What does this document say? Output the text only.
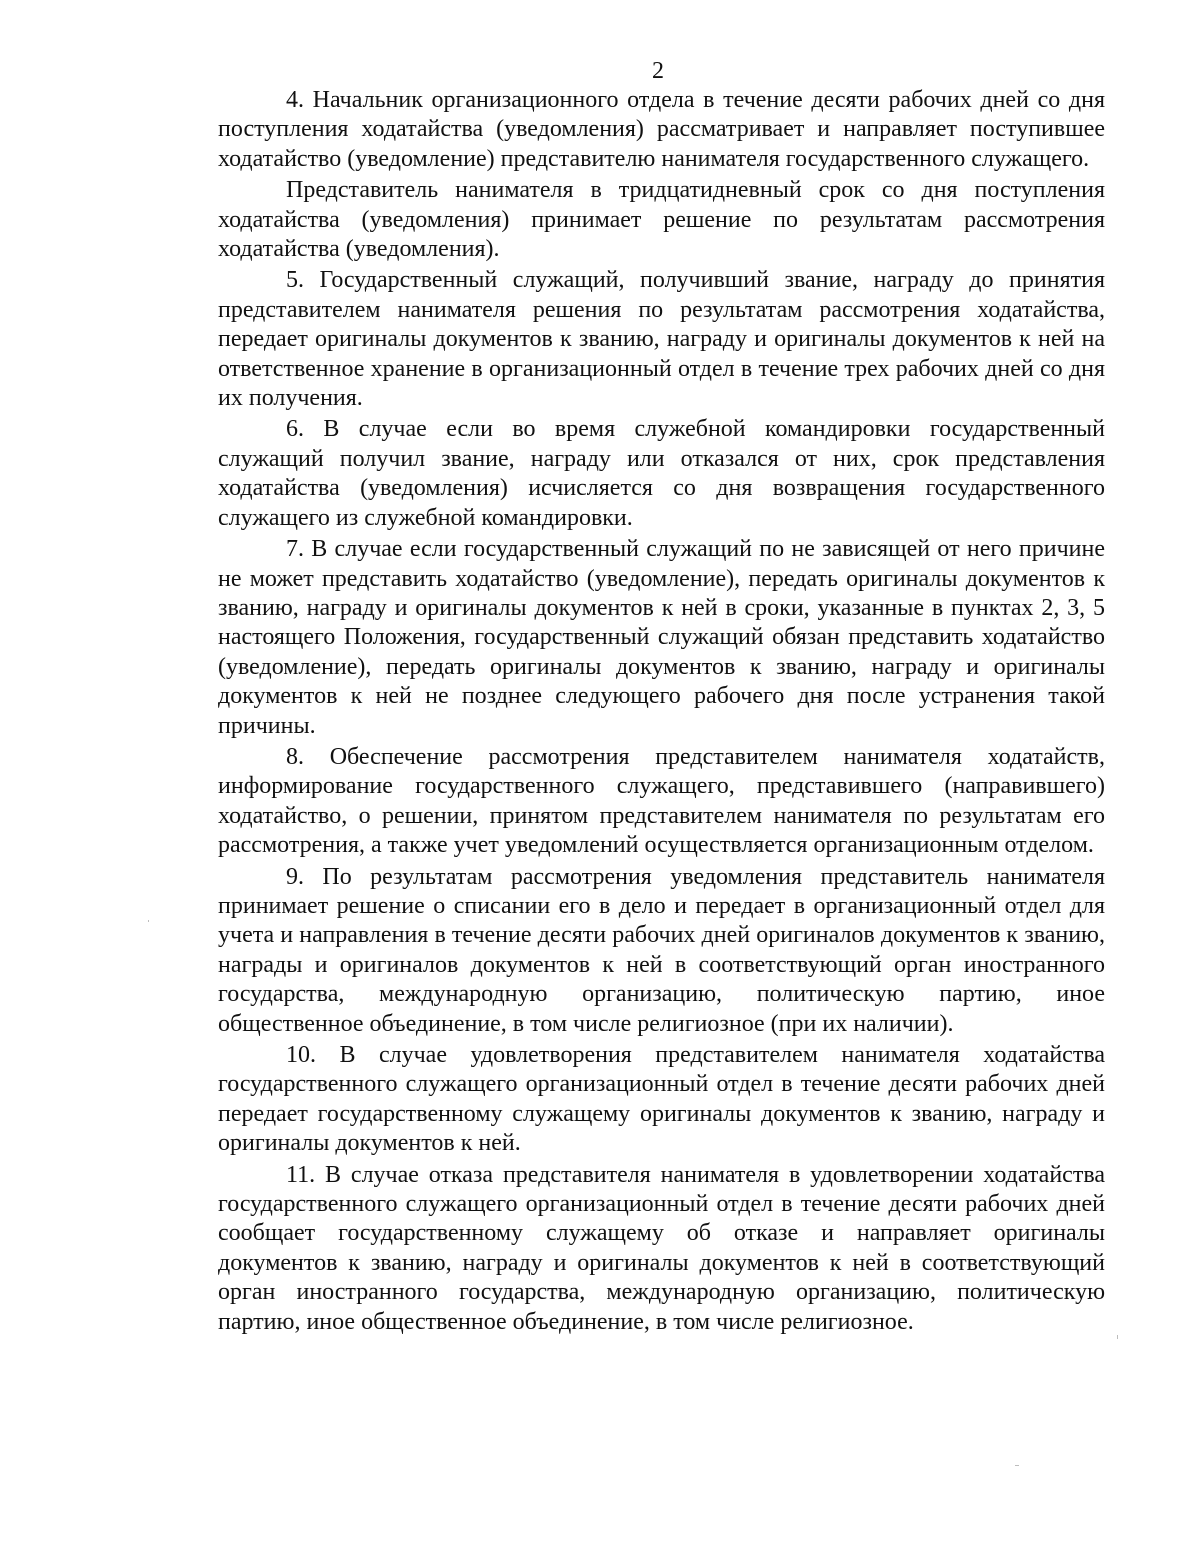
2

4. Начальник организационного отдела в течение десяти рабочих дней со дня поступления ходатайства (уведомления) рассматривает и направляет поступившее ходатайство (уведомление) представителю нанимателя государственного служащего.

Представитель нанимателя в тридцатидневный срок со дня поступления ходатайства (уведомления) принимает решение по результатам рассмотрения ходатайства (уведомления).

5. Государственный служащий, получивший звание, награду до принятия представителем нанимателя решения по результатам рассмотрения ходатайства, передает оригиналы документов к званию, награду и оригиналы документов к ней на ответственное хранение в организационный отдел в течение трех рабочих дней со дня их получения.

6. В случае если во время служебной командировки государственный служащий получил звание, награду или отказался от них, срок представления ходатайства (уведомления) исчисляется со дня возвращения государственного служащего из служебной командировки.

7. В случае если государственный служащий по не зависящей от него причине не может представить ходатайство (уведомление), передать оригиналы документов к званию, награду и оригиналы документов к ней в сроки, указанные в пунктах 2, 3, 5 настоящего Положения, государственный служащий обязан представить ходатайство (уведомление), передать оригиналы документов к званию, награду и оригиналы документов к ней не позднее следующего рабочего дня после устранения такой причины.

8. Обеспечение рассмотрения представителем нанимателя ходатайств, информирование государственного служащего, представившего (направившего) ходатайство, о решении, принятом представителем нанимателя по результатам его рассмотрения, а также учет уведомлений осуществляется организационным отделом.

9. По результатам рассмотрения уведомления представитель нанимателя принимает решение о списании его в дело и передает в организационный отдел для учета и направления в течение десяти рабочих дней оригиналов документов к званию, награды и оригиналов документов к ней в соответствующий орган иностранного государства, международную организацию, политическую партию, иное общественное объединение, в том числе религиозное (при их наличии).

10. В случае удовлетворения представителем нанимателя ходатайства государственного служащего организационный отдел в течение десяти рабочих дней передает государственному служащему оригиналы документов к званию, награду и оригиналы документов к ней.

11. В случае отказа представителя нанимателя в удовлетворении ходатайства государственного служащего организационный отдел в течение десяти рабочих дней сообщает государственному служащему об отказе и направляет оригиналы документов к званию, награду и оригиналы документов к ней в соответствующий орган иностранного государства, международную организацию, политическую партию, иное общественное объединение, в том числе религиозное.
